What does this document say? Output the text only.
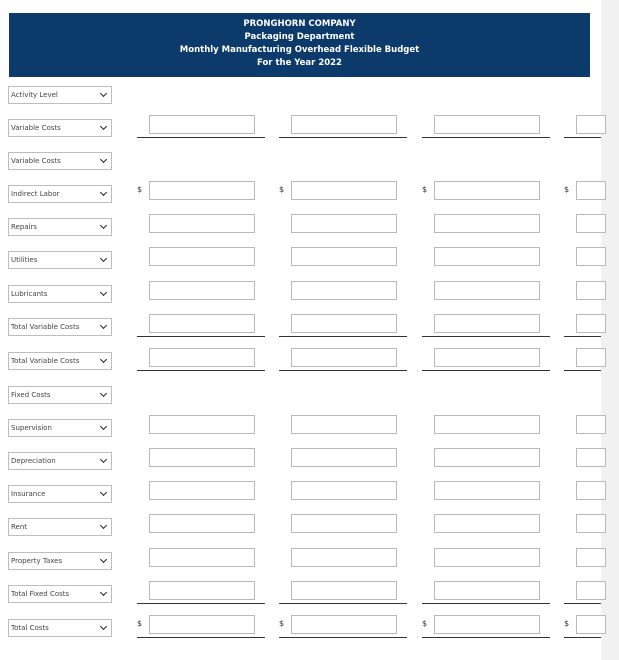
PRONGHORN COMPANY
Packaging Department
Monthly Manufacturing Overhead Flexible Budget
For the Year 2022
Activity Level
Variable Costs
Variable Costs
Indirect Labor	$	$	$	$
Repairs
Utilities
Lubricants
Total Variable Costs
Total Variable Costs
Fixed Costs
Supervision
Depreciation
Insurance
Rent
Property Taxes
Total Fixed Costs
Total Costs	$	$	$	$
